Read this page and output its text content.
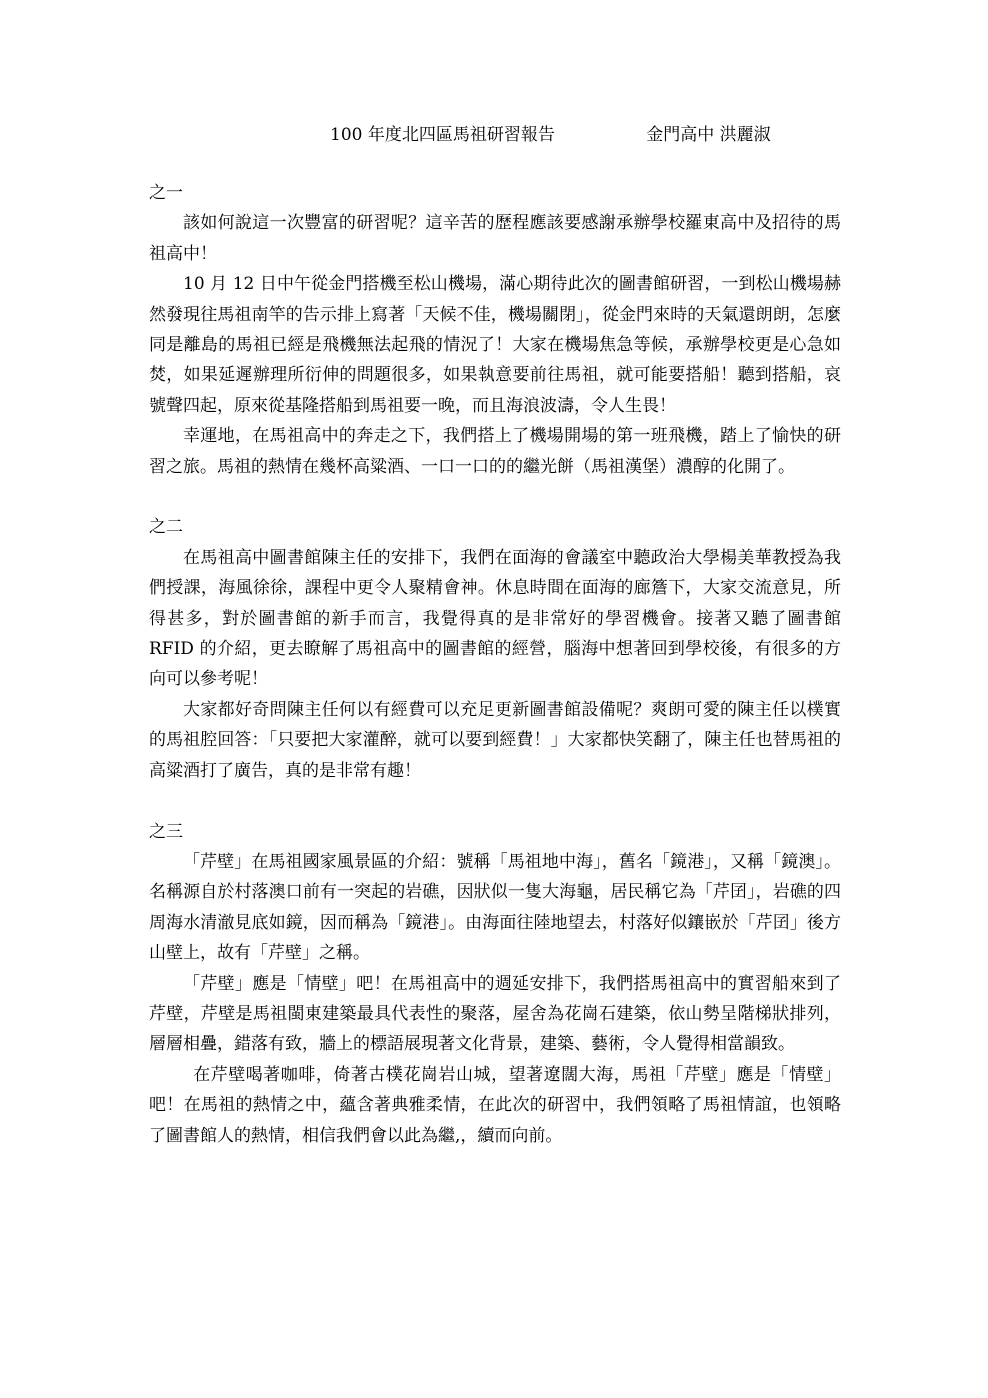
100 年度北四區馬祖研習報告	金門高中 洪麗淑

之一

該如何說這一次豐富的研習呢？這辛苦的歷程應該要感謝承辦學校羅東高中及招待的馬祖高中！

10 月 12 日中午從金門搭機至松山機場，滿心期待此次的圖書館研習，一到松山機場赫然發現往馬祖南竿的告示排上寫著「天候不佳，機場關閉」，從金門來時的天氣還朗朗，怎麼同是離島的馬祖已經是飛機無法起飛的情況了！大家在機場焦急等候，承辦學校更是心急如焚，如果延遲辦理所衍伸的問題很多，如果執意要前往馬祖，就可能要搭船！聽到搭船，哀號聲四起，原來從基隆搭船到馬祖要一晚，而且海浪波濤，令人生畏！

幸運地，在馬祖高中的奔走之下，我們搭上了機場開場的第一班飛機，踏上了愉快的研習之旅。馬祖的熱情在幾杯高粱酒、一口一口的的繼光餅（馬祖漢堡）濃醇的化開了。

之二

在馬祖高中圖書館陳主任的安排下，我們在面海的會議室中聽政治大學楊美華教授為我們授課，海風徐徐，課程中更令人聚精會神。休息時間在面海的廊簷下，大家交流意見，所得甚多，對於圖書館的新手而言，我覺得真的是非常好的學習機會。接著又聽了圖書館 RFID 的介紹，更去瞭解了馬祖高中的圖書館的經營，腦海中想著回到學校後，有很多的方向可以參考呢！

大家都好奇問陳主任何以有經費可以充足更新圖書館設備呢？爽朗可愛的陳主任以樸實的馬祖腔回答：「只要把大家灌醉，就可以要到經費！」大家都快笑翻了，陳主任也替馬祖的高粱酒打了廣告，真的是非常有趣！

之三

「芹壁」在馬祖國家風景區的介紹：號稱「馬祖地中海」，舊名「鏡港」，又稱「鏡澳」。名稱源自於村落澳口前有一突起的岩礁，因狀似一隻大海龜，居民稱它為「芹囝」，岩礁的四周海水清澈見底如鏡，因而稱為「鏡港」。由海面往陸地望去，村落好似鑲嵌於「芹囝」後方山壁上，故有「芹壁」之稱。

「芹壁」應是「情壁」吧！在馬祖高中的週延安排下，我們搭馬祖高中的實習船來到了芹壁，芹壁是馬祖閩東建築最具代表性的聚落，屋舍為花崗石建築，依山勢呈階梯狀排列，層層相疊，錯落有致，牆上的標語展現著文化背景，建築、藝術，令人覺得相當韻致。

在芹壁喝著咖啡，倚著古樸花崗岩山城，望著遼闊大海，馬祖「芹壁」應是「情壁」吧！在馬祖的熱情之中，蘊含著典雅柔情，在此次的研習中，我們領略了馬祖情誼，也領略了圖書館人的熱情，相信我們會以此為繼,，續而向前。
